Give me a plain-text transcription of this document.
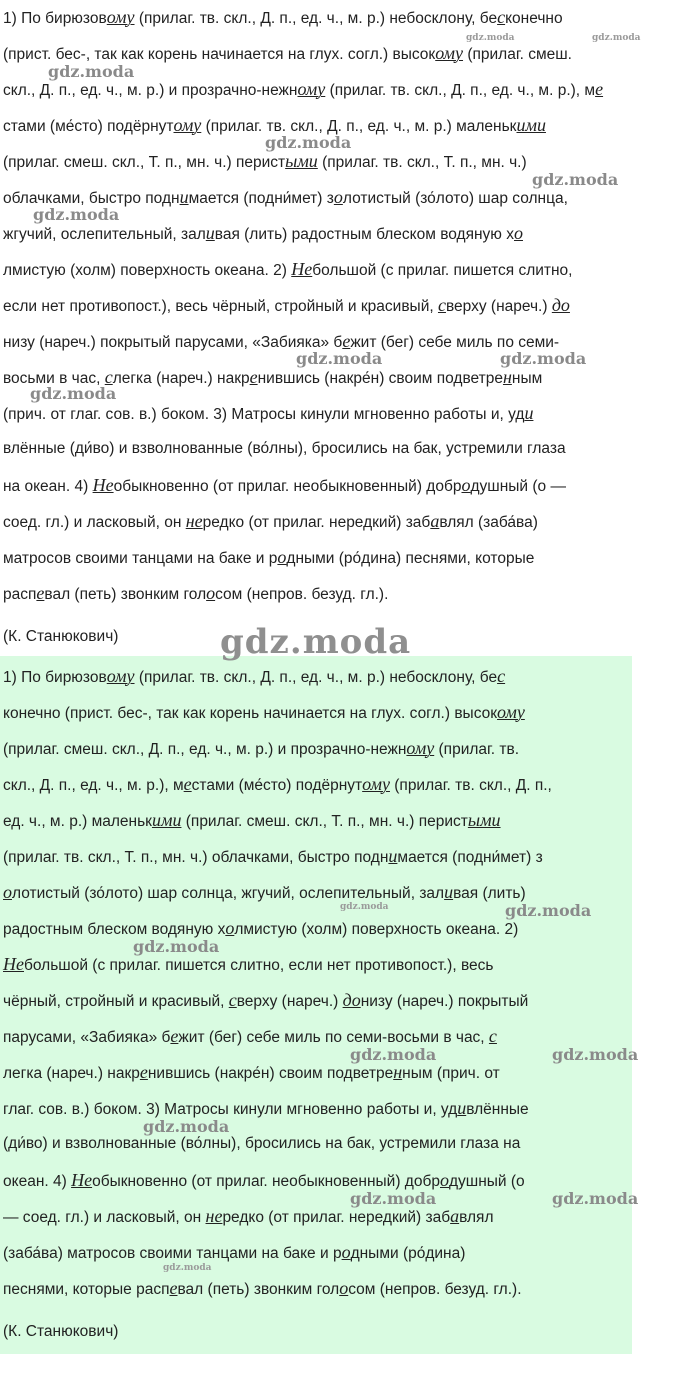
1) По бирюзовому (прилаг. тв. скл., Д. п., ед. ч., м. р.) небосклону, бесконечно
(прист. бес-, так как корень начинается на глух. согл.) высокому (прилаг. смеш.
скл., Д. п., ед. ч., м. р.) и прозрачно-нежному (прилаг. тв. скл., Д. п., ед. ч., м. р.), ме
стами (ме́сто) подёрнутому (прилаг. тв. скл., Д. п., ед. ч., м. р.) маленькими
(прилаг. смеш. скл., Т. п., мн. ч.) перистыми (прилаг. тв. скл., Т. п., мн. ч.)
облачками, быстро поднимается (подни́мет) золотистый (зо́лото) шар солнца,
жгучий, ослепительный, заливая (лить) радостным блеском водяную хо
лмистую (холм) поверхность океана. 2) Небольшой (с прилаг. пишется слитно,
если нет противопост.), весь чёрный, стройный и красивый, сверху (нареч.) до
низу (нареч.) покрытый парусами, «Забияка» бежит (бег) себе миль по семи-
восьми в час, слегка (нареч.) накренившись (накре́н) своим подветренным
(прич. от глаг. сов. в.) боком. 3) Матросы кинули мгновенно работы и, уди
влённые (ди́во) и взволнованные (во́лны), бросились на бак, устремили глаза
на океан. 4) Необыкновенно (от прилаг. необыкновенный) добродушный (о —
соед. гл.) и ласковый, он нередко (от прилаг. нередкий) забавлял (заба́ва)
матросов своими танцами на баке и родными (ро́дина) песнями, которые
распевал (петь) звонким голосом (непров. безуд. гл.).
(К. Станюкович)
1) По бирюзовому (прилаг. тв. скл., Д. п., ед. ч., м. р.) небосклону, бес
конечно (прист. бес-, так как корень начинается на глух. согл.) высокому
(прилаг. смеш. скл., Д. п., ед. ч., м. р.) и прозрачно-нежному (прилаг. тв.
скл., Д. п., ед. ч., м. р.), местами (ме́сто) подёрнутому (прилаг. тв. скл., Д. п.,
ед. ч., м. р.) маленькими (прилаг. смеш. скл., Т. п., мн. ч.) перистыми
(прилаг. тв. скл., Т. п., мн. ч.) облачками, быстро поднимается (подни́мет) з
олотистый (зо́лото) шар солнца, жгучий, ослепительный, заливая (лить)
радостным блеском водяную холмистую (холм) поверхность океана. 2)
Небольшой (с прилаг. пишется слитно, если нет противопост.), весь
чёрный, стройный и красивый, сверху (нареч.) донизу (нареч.) покрытый
парусами, «Забияка» бежит (бег) себе миль по семи-восьми в час, с
легка (нареч.) накренившись (накре́н) своим подветренным (прич. от
глаг. сов. в.) боком. 3) Матросы кинули мгновенно работы и, удивлённые
(ди́во) и взволнованные (во́лны), бросились на бак, устремили глаза на
океан. 4) Необыкновенно (от прилаг. необыкновенный) добродушный (о
— соед. гл.) и ласковый, он нередко (от прилаг. нередкий) забавлял
(заба́ва) матросов своими танцами на баке и родными (ро́дина)
песнями, которые распевал (петь) звонким голосом (непров. безуд. гл.).
(К. Станюкович)
gdz.moda	gdz.moda
gdz.moda
gdz.moda
gdz.moda
gdz.moda
gdz.moda	gdz.moda
gdz.moda
gdz.moda
gdz.moda	gdz.moda
gdz.moda
gdz.moda	gdz.moda
gdz.moda
gdz.moda	gdz.moda
gdz.moda
